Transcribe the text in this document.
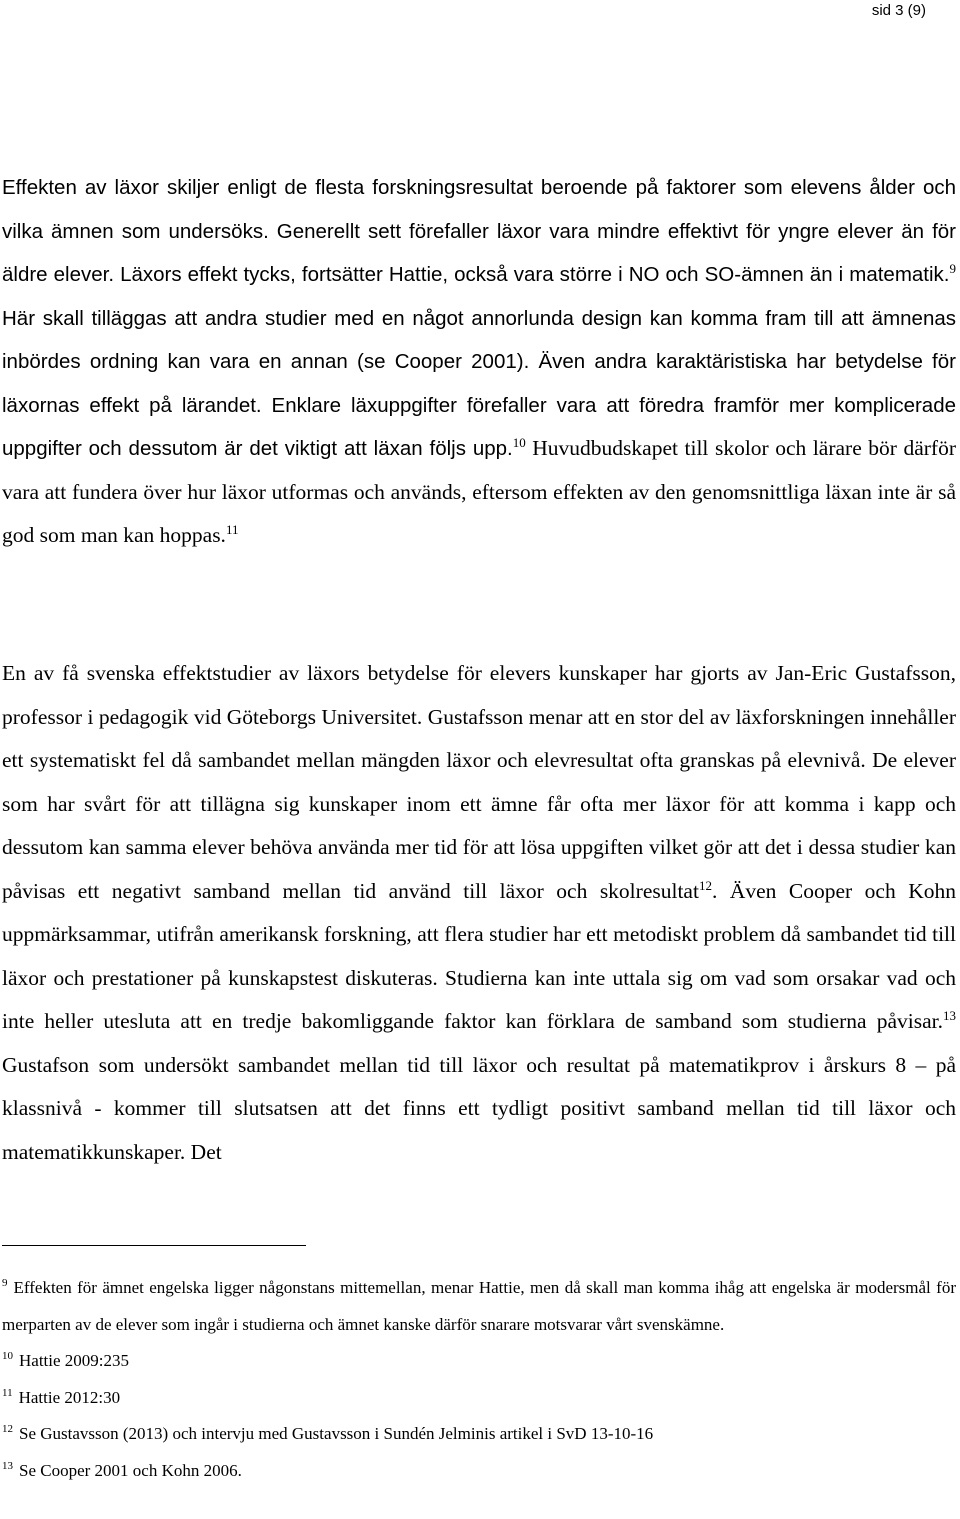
sid 3 (9)

Effekten av läxor skiljer enligt de flesta forskningsresultat beroende på faktorer som elevens ålder och vilka ämnen som undersöks. Generellt sett förefaller läxor vara mindre effektivt för yngre elever än för äldre elever. Läxors effekt tycks, fortsätter Hattie, också vara större i NO och SO-ämnen än i matematik.$^9$ Här skall tilläggas att andra studier med en något annorlunda design kan komma fram till att ämnenas inbördes ordning kan vara en annan (se Cooper 2001). Även andra karaktäristiska har betydelse för läxornas effekt på lärandet. Enklare läxuppgifter förefaller vara att föredra framför mer komplicerade uppgifter och dessutom är det viktigt att läxan följs upp.$^{10}$ Huvudbudskapet till skolor och lärare bör därför vara att fundera över hur läxor utformas och används, eftersom effekten av den genomsnittliga läxan inte är så god som man kan hoppas.$^{11}$

En av få svenska effektstudier av läxors betydelse för elevers kunskaper har gjorts av Jan-Eric Gustafsson, professor i pedagogik vid Göteborgs Universitet. Gustafsson menar att en stor del av läxforskningen innehåller ett systematiskt fel då sambandet mellan mängden läxor och elevresultat ofta granskas på elevnivå. De elever som har svårt för att tillägna sig kunskaper inom ett ämne får ofta mer läxor för att komma i kapp och dessutom kan samma elever behöva använda mer tid för att lösa uppgiften vilket gör att det i dessa studier kan påvisas ett negativt samband mellan tid använd till läxor och skolresultat$^{12}$. Även Cooper och Kohn uppmärksammar, utifrån amerikansk forskning, att flera studier har ett metodiskt problem då sambandet tid till läxor och prestationer på kunskapstest diskuteras. Studierna kan inte uttala sig om vad som orsakar vad och inte heller utesluta att en tredje bakomliggande faktor kan förklara de samband som studierna påvisar.$^{13}$ Gustafson som undersökt sambandet mellan tid till läxor och resultat på matematikprov i årskurs 8 – på klassnivå - kommer till slutsatsen att det finns ett tydligt positivt samband mellan tid till läxor och matematikkunskaper. Det

$^9$ Effekten för ämnet engelska ligger någonstans mittemellan, menar Hattie, men då skall man komma ihåg att engelska är modersmål för merparten av de elever som ingår i studierna och ämnet kanske därför snarare motsvarar vårt svenskämne.

$^{10}$ Hattie 2009:235

$^{11}$ Hattie 2012:30

$^{12}$ Se Gustavsson (2013) och intervju med Gustavsson i Sundén Jelminis artikel i SvD 13-10-16

$^{13}$ Se Cooper 2001 och Kohn 2006.
